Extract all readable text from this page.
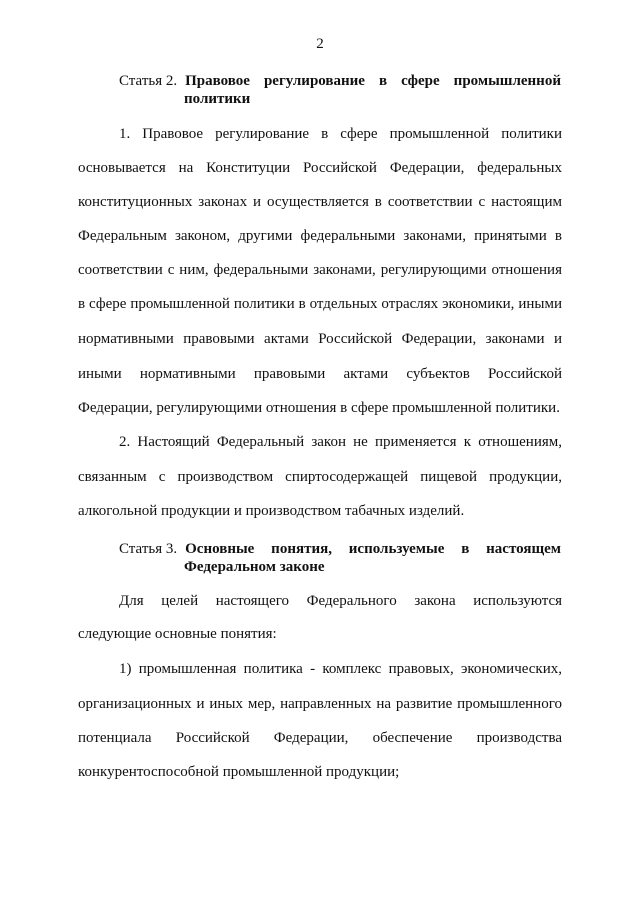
2
Статья 2. Правовое регулирование в сфере промышленной
политики
1. Правовое регулирование в сфере промышленной политики
основывается на Конституции Российской Федерации, федеральных
конституционных законах и осуществляется в соответствии с настоящим
Федеральным законом, другими федеральными законами, принятыми в
соответствии с ним, федеральными законами, регулирующими отношения
в сфере промышленной политики в отдельных отраслях экономики, иными
нормативными правовыми актами Российской Федерации, законами и
иными нормативными правовыми актами субъектов Российской
Федерации, регулирующими отношения в сфере промышленной политики.
2. Настоящий Федеральный закон не применяется к отношениям,
связанным с производством спиртосодержащей пищевой продукции,
алкогольной продукции и производством табачных изделий.
Статья 3. Основные понятия, используемые в настоящем
Федеральном законе
Для целей настоящего Федерального закона используются
следующие основные понятия:
1) промышленная политика - комплекс правовых, экономических,
организационных и иных мер, направленных на развитие промышленного
потенциала Российской Федерации, обеспечение производства
конкурентоспособной промышленной продукции;
